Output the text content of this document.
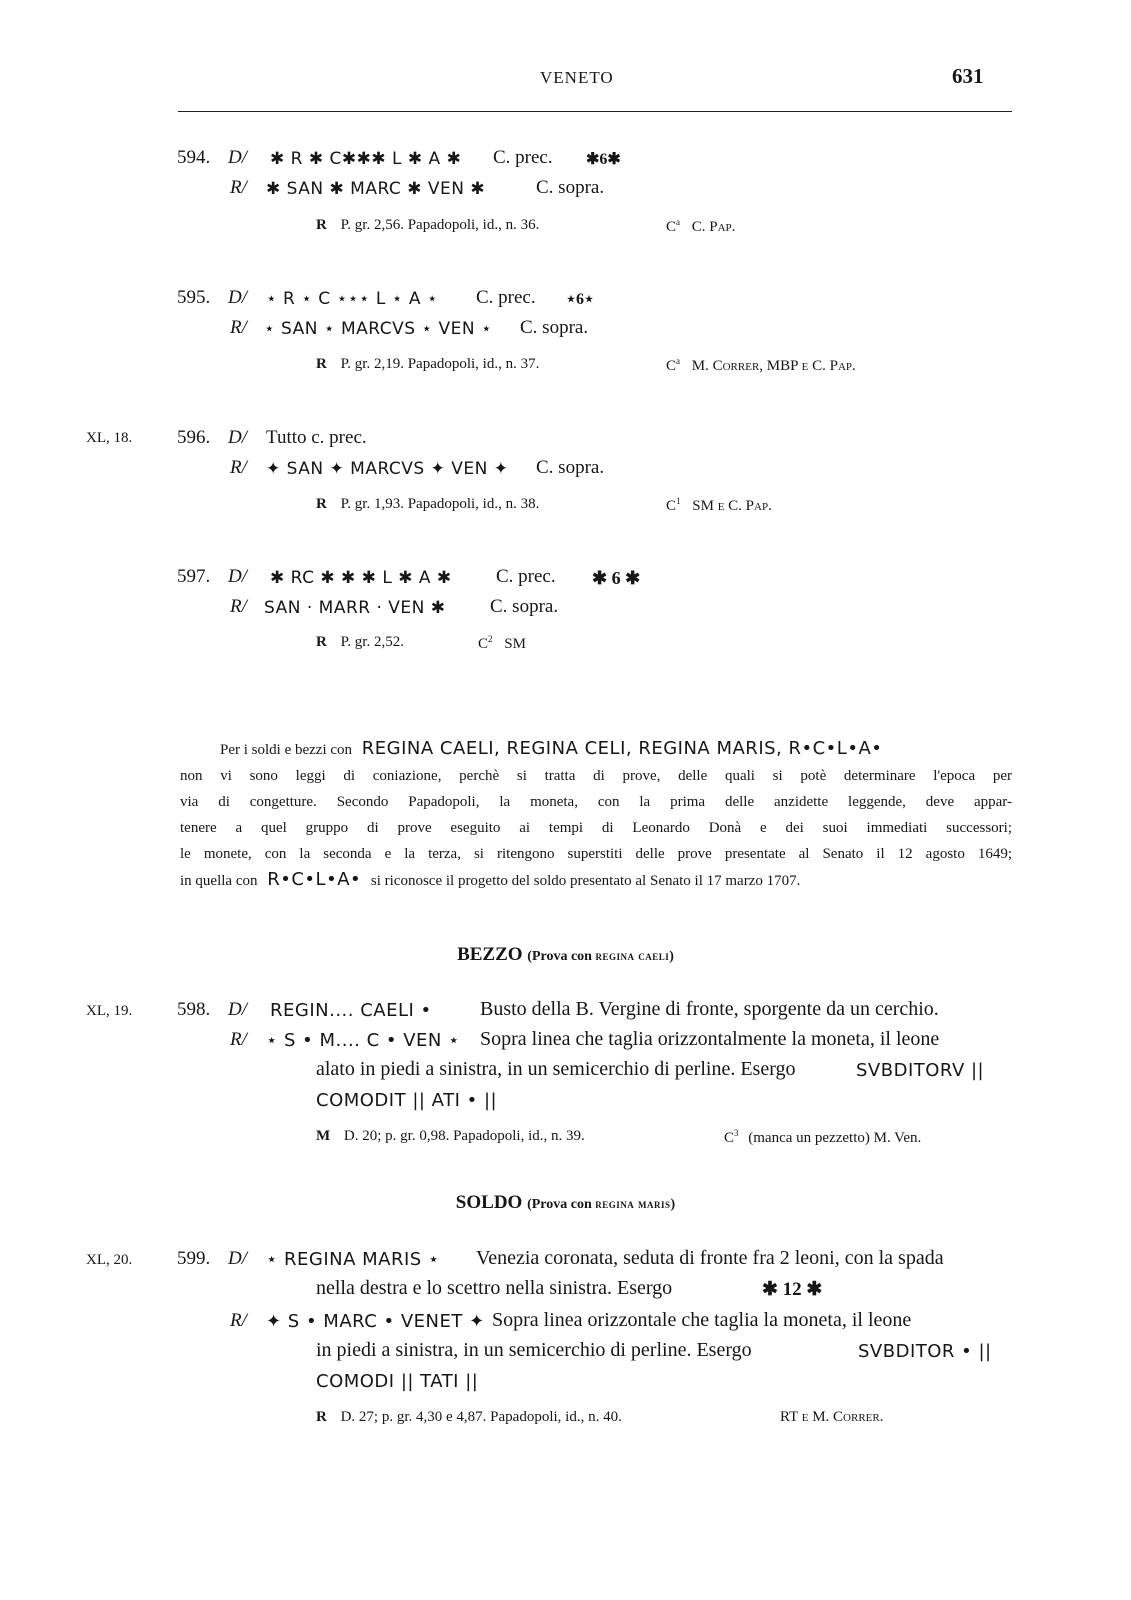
VENETO	631
594. D/ ✱ R ✱ C✱✱✱ L ✱ A ✱ C. prec. ✱6✱
R/ ✱ SAN ✱ MARC ✱ VEN ✱	C. sopra.
R P. gr. 2,56. Papadopoli, id., n. 36.	$C^a$ C. Pap.
595. D/ ⋆ R ⋆ C ⋆⋆⋆ L ⋆ A ⋆ C. prec. ⋆6⋆
R/ ⋆ SAN ⋆ MARCVS ⋆ VEN ⋆ C. sopra.
R P. gr. 2,19. Papadopoli, id., n. 37.	$C^a$ M. Correr, MBP e C. Pap.
XL, 18. 596. D/ Tutto c. prec.
R/ ✦ SAN ✦ MARCVS ✦ VEN ✦ C. sopra.
R P. gr. 1,93. Papadopoli, id., n. 38.	$C^1$ SM e C. Pap.
597. D/ ✱ RC ✱ ✱ ✱ L ✱ A ✱ C. prec. ✱ 6 ✱
R/ SAN · MARR · VEN ✱ C. sopra.
R P. gr. 2,52.	$C^2$ SM
Per i soldi e bezzi con REGINA CAELI, REGINA CELI, REGINA MARIS, R•C•L•A•
non vi sono leggi di coniazione, perchè si tratta di prove, delle quali si potè determinare l'epoca per
via di congetture. Secondo Papadopoli, la moneta, con la prima delle anzidette leggende, deve appar-
tenere a quel gruppo di prove eseguito ai tempi di Leonardo Donà e dei suoi immediati successori;
le monete, con la seconda e la terza, si ritengono superstiti delle prove presentate al Senato il 12 agosto 1649;
in quella con R•C•L•A• si riconosce il progetto del soldo presentato al Senato il 17 marzo 1707.
BEZZO (Prova con regina caeli)
XL, 19. 598. D/ REGIN.... CAELI • Busto della B. Vergine di fronte, sporgente da un cerchio.
R/ ⋆ S • M.... C • VEN ⋆ Sopra linea che taglia orizzontalmente la moneta, il leone
alato in piedi a sinistra, in un semicerchio di perline. Esergo	SVBDITORV ||
COMODIT || ATI • ||
M D. 20; p. gr. 0,98. Papadopoli, id., n. 39.	$C^3$ (manca un pezzetto) M. Ven.
SOLDO (Prova con regina maris)
XL, 20. 599. D/ ⋆ REGINA MARIS ⋆ Venezia coronata, seduta di fronte fra 2 leoni, con la spada
nella destra e lo scettro nella sinistra. Esergo	✱ 12 ✱
R/ ✦ S • MARC • VENET ✦ Sopra linea orizzontale che taglia la moneta, il leone
in piedi a sinistra, in un semicerchio di perline. Esergo	SVBDITOR • ||
COMODI || TATI ||
R D. 27; p. gr. 4,30 e 4,87. Papadopoli, id., n. 40.	RT e M. Correr.
